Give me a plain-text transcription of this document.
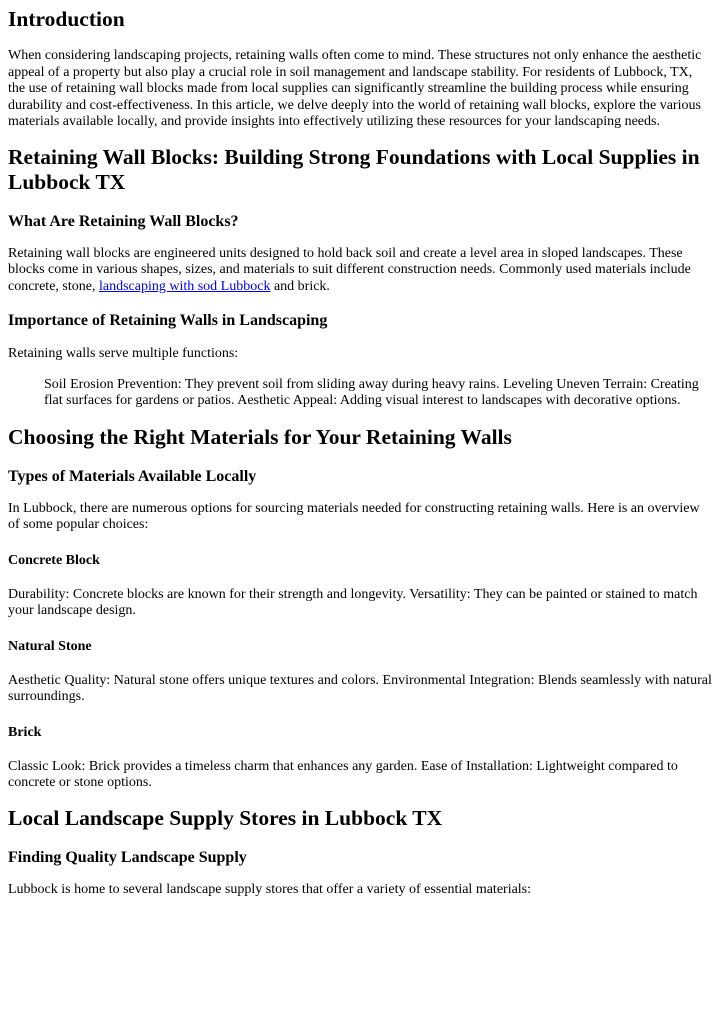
Introduction

When considering landscaping projects, retaining walls often come to mind. These structures not only enhance the aesthetic appeal of a property but also play a crucial role in soil management and landscape stability. For residents of Lubbock, TX, the use of retaining wall blocks made from local supplies can significantly streamline the building process while ensuring durability and cost-effectiveness. In this article, we delve deeply into the world of retaining wall blocks, explore the various materials available locally, and provide insights into effectively utilizing these resources for your landscaping needs.

Retaining Wall Blocks: Building Strong Foundations with Local Supplies in Lubbock TX
What Are Retaining Wall Blocks?

Retaining wall blocks are engineered units designed to hold back soil and create a level area in sloped landscapes. These blocks come in various shapes, sizes, and materials to suit different construction needs. Commonly used materials include concrete, stone, landscaping with sod Lubbock and brick.

Importance of Retaining Walls in Landscaping

Retaining walls serve multiple functions:

Soil Erosion Prevention: They prevent soil from sliding away during heavy rains. Leveling Uneven Terrain: Creating flat surfaces for gardens or patios. Aesthetic Appeal: Adding visual interest to landscapes with decorative options.

Choosing the Right Materials for Your Retaining Walls
Types of Materials Available Locally

In Lubbock, there are numerous options for sourcing materials needed for constructing retaining walls. Here is an overview of some popular choices:

Concrete Block

Durability: Concrete blocks are known for their strength and longevity. Versatility: They can be painted or stained to match your landscape design.

Natural Stone

Aesthetic Quality: Natural stone offers unique textures and colors. Environmental Integration: Blends seamlessly with natural surroundings.

Brick

Classic Look: Brick provides a timeless charm that enhances any garden. Ease of Installation: Lightweight compared to concrete or stone options.

Local Landscape Supply Stores in Lubbock TX
Finding Quality Landscape Supply

Lubbock is home to several landscape supply stores that offer a variety of essential materials:
